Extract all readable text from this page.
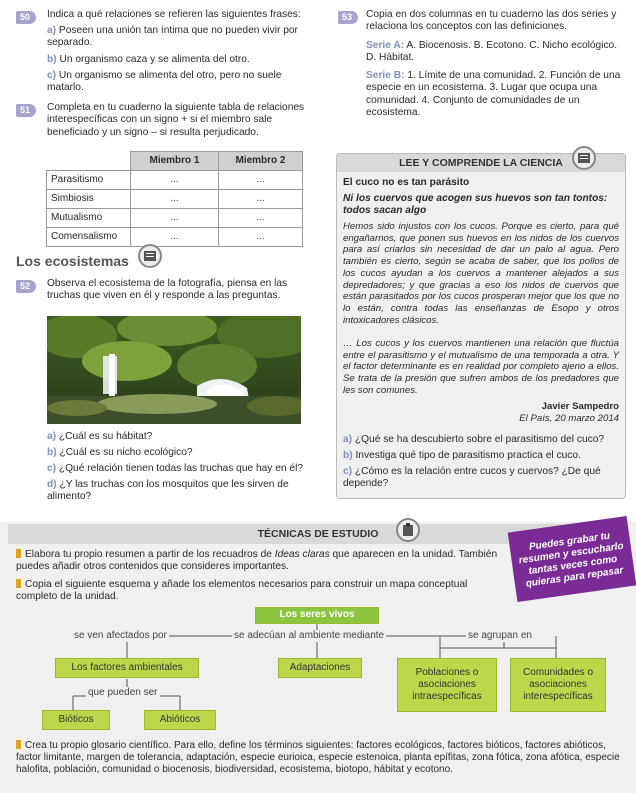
50	Indica a qué relaciones se refieren las siguientes frases:
a) Poseen una unión tan íntima que no pueden vivir por separado.
b) Un organismo caza y se alimenta del otro.
c) Un organismo se alimenta del otro, pero no suele matarlo.
51	Completa en tu cuaderno la siguiente tabla de relaciones interespecíficas con un signo + si el miembro sale beneficiado y un signo – si resulta perjudicado.
	Miembro 1	Miembro 2
Parasitismo	...	...
Simbiosis	...	...
Mutualismo	...	...
Comensalismo	...	...
Los ecosistemas
52	Observa el ecosistema de la fotografía, piensa en las truchas que viven en él y responde a las preguntas.
a) ¿Cuál es su hábitat?
b) ¿Cuál es su nicho ecológico?
c) ¿Qué relación tienen todas las truchas que hay en él?
d) ¿Y las truchas con los mosquitos que les sirven de alimento?
53	Copia en dos columnas en tu cuaderno las dos series y relaciona los conceptos con las definiciones.
Serie A: A. Biocenosis. B. Ecotono. C. Nicho ecológico. D. Hábitat.
Serie B: 1. Límite de una comunidad. 2. Función de una especie en un ecosistema. 3. Lugar que ocupa una comunidad. 4. Conjunto de comunidades de un ecosistema.
LEE Y COMPRENDE LA CIENCIA
El cuco no es tan parásito
Ni los cuervos que acogen sus huevos son tan tontos: todos sacan algo
Hemos sido injustos con los cucos. Porque es cierto, para qué engañarnos, que ponen sus huevos en los nidos de los cuervos para así criarlos sin necesidad de dar un palo al agua. Pero también es cierto, según se acaba de saber, que los pollos de los cucos ayudan a los cuervos a mantener alejados a sus depredadores; y que gracias a eso los nidos de cuervos que están parasitados por los cucos prosperan mejor que los que no lo están, contra todas las enseñanzas de Esopo y otros intoxicadores clásicos.
… Los cucos y los cuervos mantienen una relación que fluctúa entre el parasitismo y el mutualismo de una temporada a otra. Y el factor determinante es en realidad por completo ajeno a ellos. Se trata de la presión que sufren ambos de los predadores que les son comunes.
Javier Sampedro
El País, 20 marzo 2014
a) ¿Qué se ha descubierto sobre el parasitismo del cuco?
b) Investiga qué tipo de parasitismo practica el cuco.
c) ¿Cómo es la relación entre cucos y cuervos? ¿De qué depende?
TÉCNICAS DE ESTUDIO	Puedes grabar tu resumen y escucharlo tantas veces como quieras para repasar
Elabora tu propio resumen a partir de los recuadros de Ideas claras que aparecen en la unidad. También puedes añadir otros contenidos que consideres importantes.
Copia el siguiente esquema y añade los elementos necesarios para construir un mapa conceptual completo de la unidad.
Los seres vivos
se ven afectados por	se adecúan al ambiente mediante	se agrupan en
Los factores ambientales	Adaptaciones	Poblaciones o asociaciones intraespecíficas
Comunidades o asociaciones interespecíficas
que pueden ser
Bióticos	Abióticos
Crea tu propio glosario científico. Para ello, define los términos siguientes: factores ecológicos, factores bióticos, factores abióticos, factor limitante, margen de tolerancia, adaptación, especie eurioica, especie estenoica, planta epífitas, zona fótica, zona afótica, especie halofita, población, comunidad o biocenosis, biodiversidad, ecosistema, biotopo, hábitat y ecotono.
